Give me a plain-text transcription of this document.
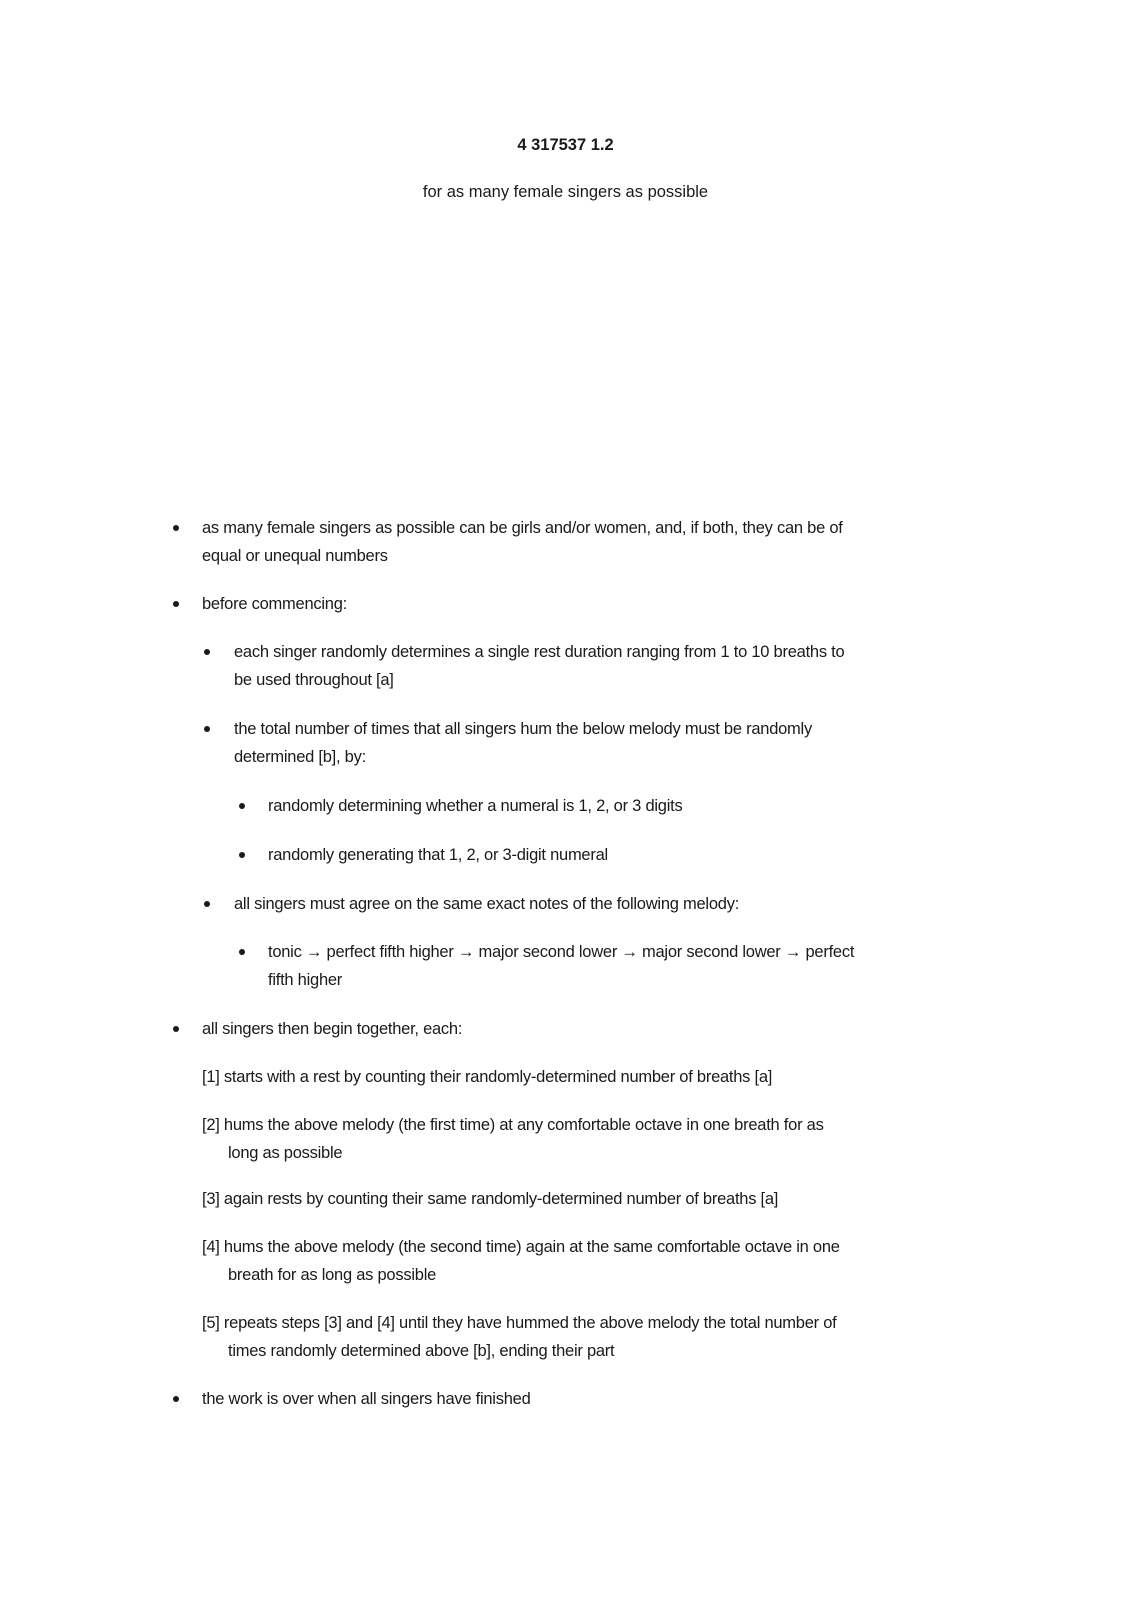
4 317537 1.2
for as many female singers as possible
as many female singers as possible can be girls and/or women, and, if both, they can be of
equal or unequal numbers
before commencing:
each singer randomly determines a single rest duration ranging from 1 to 10 breaths to
be used throughout [a]
the total number of times that all singers hum the below melody must be randomly
determined [b], by:
randomly determining whether a numeral is 1, 2, or 3 digits
randomly generating that 1, 2, or 3-digit numeral
all singers must agree on the same exact notes of the following melody:
tonic → perfect fifth higher → major second lower → major second lower → perfect
fifth higher
all singers then begin together, each:
[1] starts with a rest by counting their randomly-determined number of breaths [a]
[2] hums the above melody (the first time) at any comfortable octave in one breath for as
long as possible
[3] again rests by counting their same randomly-determined number of breaths [a]
[4] hums the above melody (the second time) again at the same comfortable octave in one
breath for as long as possible
[5] repeats steps [3] and [4] until they have hummed the above melody the total number of
times randomly determined above [b], ending their part
the work is over when all singers have finished
